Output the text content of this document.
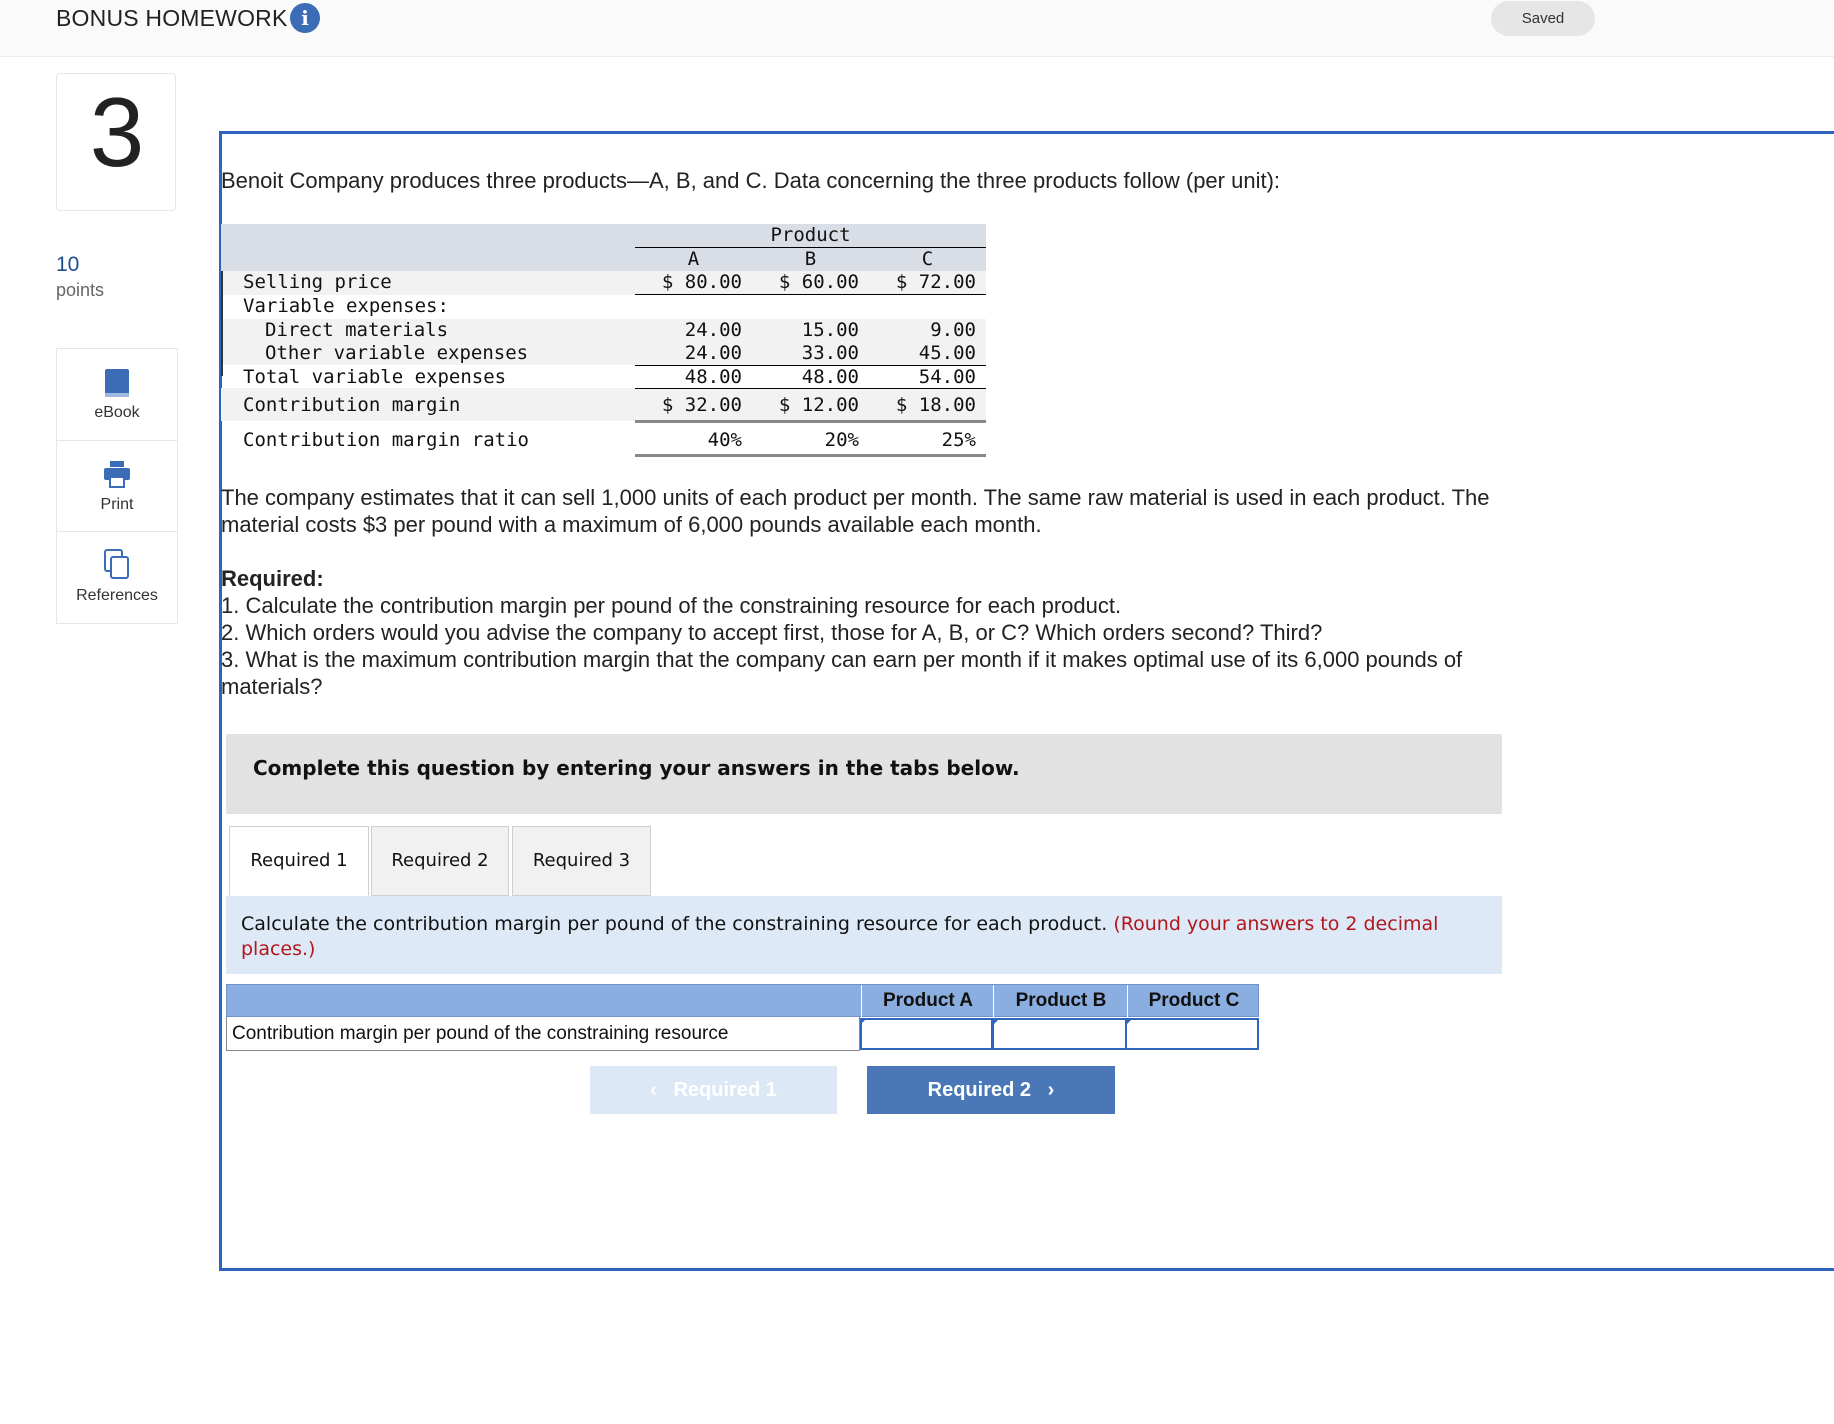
BONUS HOMEWORK i	Saved
3
10
points
eBook
Print
References
Benoit Company produces three products—A, B, and C. Data concerning the three products follow (per unit):
Product
A	B	C
Selling price	$ 80.00	$ 60.00	$ 72.00
Variable expenses:
Direct materials	24.00	15.00	9.00
Other variable expenses	24.00	33.00	45.00
Total variable expenses	48.00	48.00	54.00
Contribution margin	$ 32.00	$ 12.00	$ 18.00
Contribution margin ratio	40%	20%	25%
The company estimates that it can sell 1,000 units of each product per month. The same raw material is used in each product. The
material costs $3 per pound with a maximum of 6,000 pounds available each month.
Required:
1. Calculate the contribution margin per pound of the constraining resource for each product.
2. Which orders would you advise the company to accept first, those for A, B, or C? Which orders second? Third?
3. What is the maximum contribution margin that the company can earn per month if it makes optimal use of its 6,000 pounds of
materials?
Complete this question by entering your answers in the tabs below.
Required 1	Required 2	Required 3
Calculate the contribution margin per pound of the constraining resource for each product. (Round your answers to 2 decimal
places.)
Product A	Product B	Product C
Contribution margin per pound of the constraining resource
‹ Required 1	Required 2 ›
